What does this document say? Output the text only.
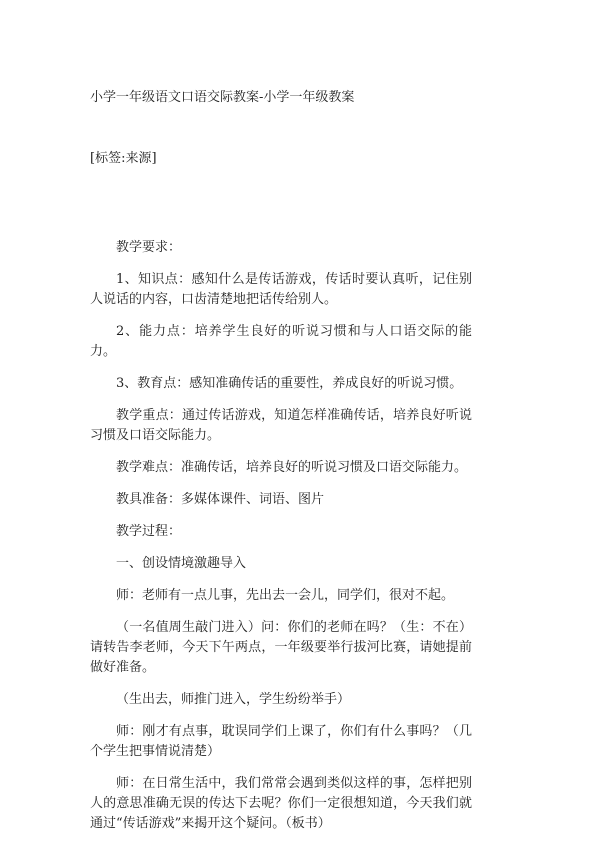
小学一年级语文口语交际教案-小学一年级教案
[标签:来源]

教学要求：

1、知识点：感知什么是传话游戏，传话时要认真听，记住别人说话的内容，口齿清楚地把话传给别人。

2、能力点：培养学生良好的听说习惯和与人口语交际的能力。

3、教育点：感知准确传话的重要性，养成良好的听说习惯。

教学重点：通过传话游戏，知道怎样准确传话，培养良好听说习惯及口语交际能力。

教学难点：准确传话，培养良好的听说习惯及口语交际能力。

教具准备：多媒体课件、词语、图片

教学过程：

一、创设情境激趣导入

师：老师有一点儿事，先出去一会儿，同学们，很对不起。

（一名值周生敲门进入）问：你们的老师在吗？（生：不在）请转告李老师，今天下午两点，一年级要举行拔河比赛，请她提前做好准备。

（生出去，师推门进入，学生纷纷举手）

师：刚才有点事，耽误同学们上课了，你们有什么事吗？（几个学生把事情说清楚）

师：在日常生活中，我们常常会遇到类似这样的事，怎样把别人的意思准确无误的传达下去呢？你们一定很想知道，今天我们就通过“传话游戏”来揭开这个疑问。（板书）
